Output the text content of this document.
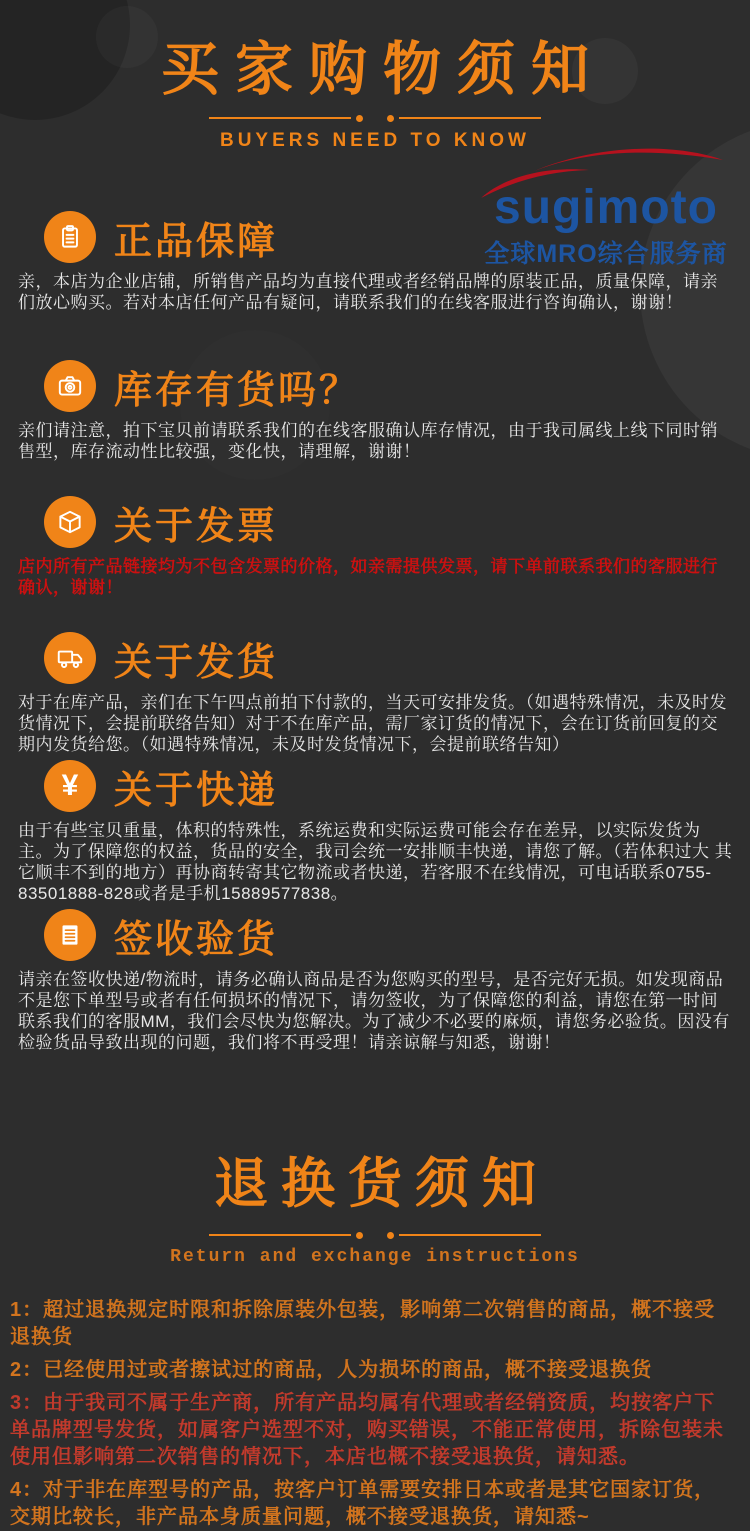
买家购物须知
BUYERS NEED TO KNOW
sugimoto
全球MRO综合服务商
正品保障

亲，本店为企业店铺，所销售产品均为直接代理或者经销品牌的原装正品，质量保障，请亲们放心购买。若对本店任何产品有疑问，请联系我们的在线客服进行咨询确认，谢谢！

库存有货吗？

亲们请注意，拍下宝贝前请联系我们的在线客服确认库存情况，由于我司属线上线下同时销售型，库存流动性比较强，变化快，请理解，谢谢！

关于发票

店内所有产品链接均为不包含发票的价格，如亲需提供发票，请下单前联系我们的客服进行确认，谢谢！

关于发货

对于在库产品，亲们在下午四点前拍下付款的，当天可安排发货。（如遇特殊情况，未及时发货情况下，会提前联络告知）对于不在库产品，需厂家订货的情况下，会在订货前回复的交期内发货给您。（如遇特殊情况，未及时发货情况下，会提前联络告知）

¥ 关于快递

由于有些宝贝重量，体积的特殊性，系统运费和实际运费可能会存在差异，以实际发货为主。为了保障您的权益，货品的安全，我司会统一安排顺丰快递，请您了解。（若体积过大 其它顺丰不到的地方）再协商转寄其它物流或者快递，若客服不在线情况，可电话联系0755-83501888-828或者是手机15889577838。

签收验货

请亲在签收快递/物流时，请务必确认商品是否为您购买的型号，是否完好无损。如发现商品不是您下单型号或者有任何损坏的情况下，请勿签收，为了保障您的利益，请您在第一时间联系我们的客服MM，我们会尽快为您解决。为了减少不必要的麻烦，请您务必验货。因没有检验货品导致出现的问题，我们将不再受理！请亲谅解与知悉，谢谢！

退换货须知
Return and exchange instructions
1：超过退换规定时限和拆除原装外包装，影响第二次销售的商品，概不接受退换货
2：已经使用过或者擦试过的商品，人为损坏的商品，概不接受退换货
3：由于我司不属于生产商，所有产品均属有代理或者经销资质，均按客户下单品牌型号发货，如属客户选型不对，购买错误，不能正常使用，拆除包装未使用但影响第二次销售的情况下，本店也概不接受退换货，请知悉。
4：对于非在库型号的产品，按客户订单需要安排日本或者是其它国家订货，交期比较长，非产品本身质量问题，概不接受退换货，请知悉~
